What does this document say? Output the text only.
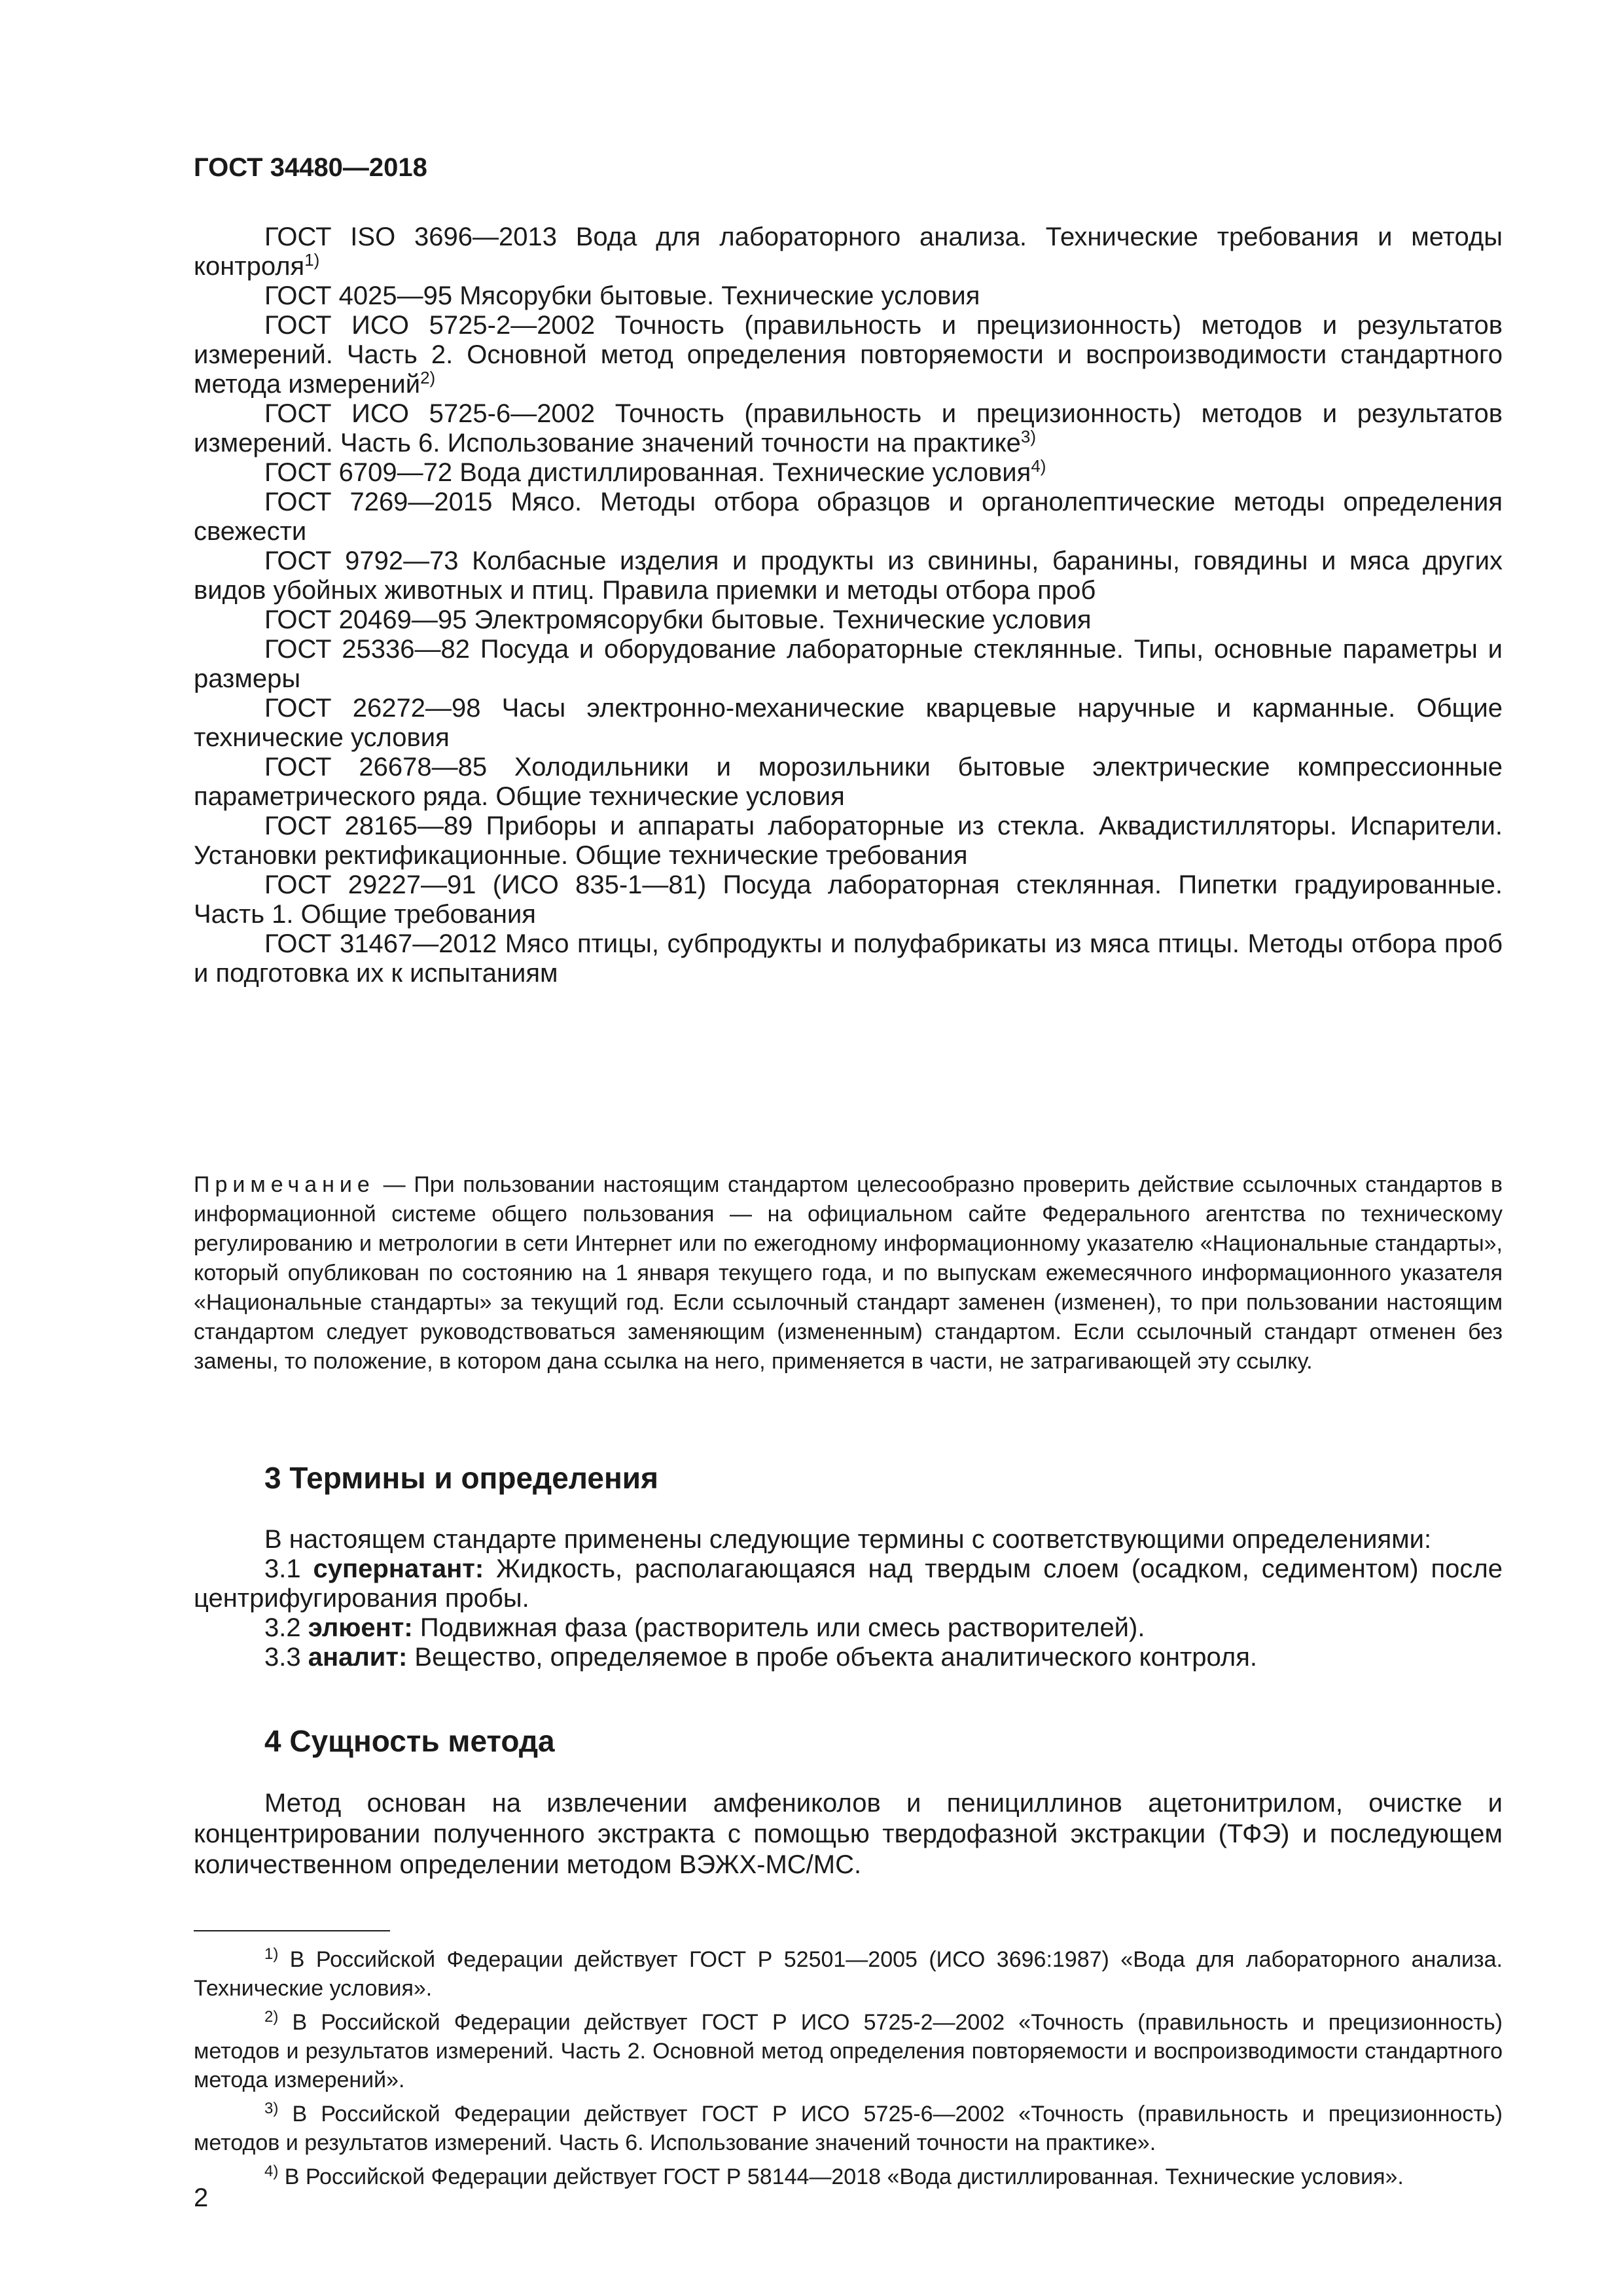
ГОСТ 34480—2018

ГОСТ ISO 3696—2013 Вода для лабораторного анализа. Технические требования и методы контроля$^{1)}$

ГОСТ 4025—95 Мясорубки бытовые. Технические условия

ГОСТ ИСО 5725-2—2002 Точность (правильность и прецизионность) методов и результатов измерений. Часть 2. Основной метод определения повторяемости и воспроизводимости стандартного метода измерений$^{2)}$

ГОСТ ИСО 5725-6—2002 Точность (правильность и прецизионность) методов и результатов измерений. Часть 6. Использование значений точности на практике$^{3)}$

ГОСТ 6709—72 Вода дистиллированная. Технические условия$^{4)}$

ГОСТ 7269—2015 Мясо. Методы отбора образцов и органолептические методы определения свежести

ГОСТ 9792—73 Колбасные изделия и продукты из свинины, баранины, говядины и мяса других видов убойных животных и птиц. Правила приемки и методы отбора проб

ГОСТ 20469—95 Электромясорубки бытовые. Технические условия

ГОСТ 25336—82 Посуда и оборудование лабораторные стеклянные. Типы, основные параметры и размеры

ГОСТ 26272—98 Часы электронно-механические кварцевые наручные и карманные. Общие технические условия

ГОСТ 26678—85 Холодильники и морозильники бытовые электрические компрессионные параметрического ряда. Общие технические условия

ГОСТ 28165—89 Приборы и аппараты лабораторные из стекла. Аквадистилляторы. Испарители. Установки ректификационные. Общие технические требования

ГОСТ 29227—91 (ИСО 835-1—81) Посуда лабораторная стеклянная. Пипетки градуированные. Часть 1. Общие требования

ГОСТ 31467—2012 Мясо птицы, субпродукты и полуфабрикаты из мяса птицы. Методы отбора проб и подготовка их к испытаниям

Примечание — При пользовании настоящим стандартом целесообразно проверить действие ссылочных стандартов в информационной системе общего пользования — на официальном сайте Федерального агентства по техническому регулированию и метрологии в сети Интернет или по ежегодному информационному указателю «Национальные стандарты», который опубликован по состоянию на 1 января текущего года, и по выпускам ежемесячного информационного указателя «Национальные стандарты» за текущий год. Если ссылочный стандарт заменен (изменен), то при пользовании настоящим стандартом следует руководствоваться заменяющим (измененным) стандартом. Если ссылочный стандарт отменен без замены, то положение, в котором дана ссылка на него, применяется в части, не затрагивающей эту ссылку.

3 Термины и определения

В настоящем стандарте применены следующие термины с соответствующими определениями:

3.1 супернатант: Жидкость, располагающаяся над твердым слоем (осадком, седиментом) после центрифугирования пробы.

3.2 элюент: Подвижная фаза (растворитель или смесь растворителей).

3.3 аналит: Вещество, определяемое в пробе объекта аналитического контроля.

4 Сущность метода

Метод основан на извлечении амфениколов и пенициллинов ацетонитрилом, очистке и концентрировании полученного экстракта с помощью твердофазной экстракции (ТФЭ) и последующем количественном определении методом ВЭЖХ-МС/МС.

$^{1)}$ В Российской Федерации действует ГОСТ Р 52501—2005 (ИСО 3696:1987) «Вода для лабораторного анализа. Технические условия».

$^{2)}$ В Российской Федерации действует ГОСТ Р ИСО 5725-2—2002 «Точность (правильность и прецизионность) методов и результатов измерений. Часть 2. Основной метод определения повторяемости и воспроизводимости стандартного метода измерений».

$^{3)}$ В Российской Федерации действует ГОСТ Р ИСО 5725-6—2002 «Точность (правильность и прецизионность) методов и результатов измерений. Часть 6. Использование значений точности на практике».

$^{4)}$ В Российской Федерации действует ГОСТ Р 58144—2018 «Вода дистиллированная. Технические условия».

2
